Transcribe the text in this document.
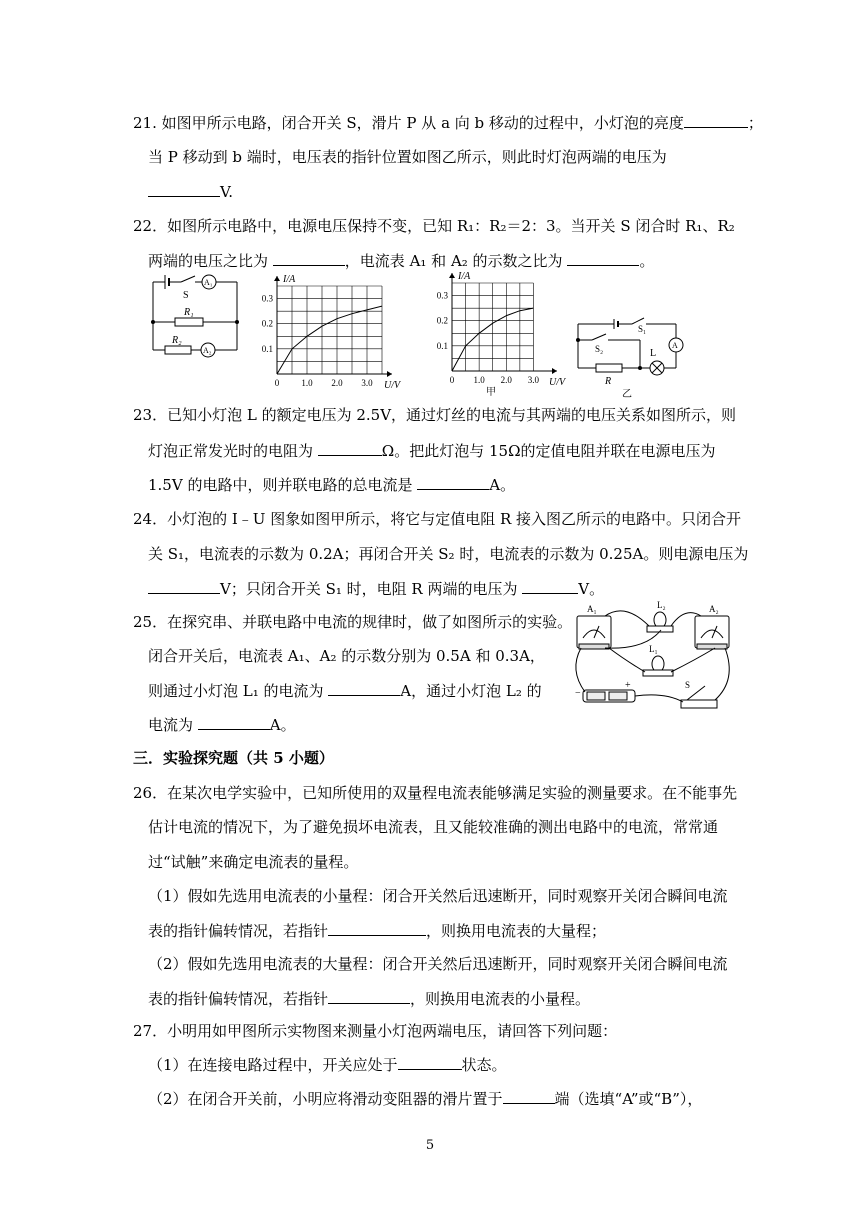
21. 如图甲所示电路，闭合开关 S，滑片 P 从 a 向 b 移动的过程中，小灯泡的亮度	；
当 P 移动到 b 端时，电压表的指针位置如图乙所示，则此时灯泡两端的电压为
V.
22．如图所示电路中，电源电压保持不变，已知 R₁：R₂＝2：3。当开关 S 闭合时 R₁、R₂
两端的电压之比为	，电流表 A₁ 和 A₂ 的示数之比为	。
S
A₁
R₁
R₂
A₂
I/A
U/V
0.3
0.2
0.1
0 1.0 2.0 3.0
I/A
U/V
0.3
0.2
0.1
0 1.0 2.0 3.0
甲
S₁
S₂	L
A
R
乙
23．已知小灯泡 L 的额定电压为 2.5V，通过灯丝的电流与其两端的电压关系如图所示，则
灯泡正常发光时的电阻为	Ω。把此灯泡与 15Ω的定值电阻并联在电源电压为
1.5V 的电路中，则并联电路的总电流是	A。
24．小灯泡的 I﹣U 图象如图甲所示，将它与定值电阻 R 接入图乙所示的电路中。只闭合开
关 S₁，电流表的示数为 0.2A；再闭合开关 S₂ 时，电流表的示数为 0.25A。则电源电压为
V；只闭合开关 S₁ 时，电阻 R 两端的电压为	V。
25．在探究串、并联电路中电流的规律时，做了如图所示的实验。
闭合开关后，电流表 A₁、A₂ 的示数分别为 0.5A 和 0.3A，
则通过小灯泡 L₁ 的电流为	A，通过小灯泡 L₂ 的
电流为	A。
A₁	L₂	A₂
L₁
S
−
+
三．实验探究题（共 5 小题）
26．在某次电学实验中，已知所使用的双量程电流表能够满足实验的测量要求。在不能事先
估计电流的情况下，为了避免损坏电流表，且又能较准确的测出电路中的电流，常常通
过“试触”来确定电流表的量程。
（1）假如先选用电流表的小量程：闭合开关然后迅速断开，同时观察开关闭合瞬间电流
表的指针偏转情况，若指针	，则换用电流表的大量程；
（2）假如先选用电流表的大量程：闭合开关然后迅速断开，同时观察开关闭合瞬间电流
表的指针偏转情况，若指针	，则换用电流表的小量程。
27．小明用如甲图所示实物图来测量小灯泡两端电压，请回答下列问题：
（1）在连接电路过程中，开关应处于	状态。
（2）在闭合开关前，小明应将滑动变阻器的滑片置于	端（选填“A”或“B”），
5
